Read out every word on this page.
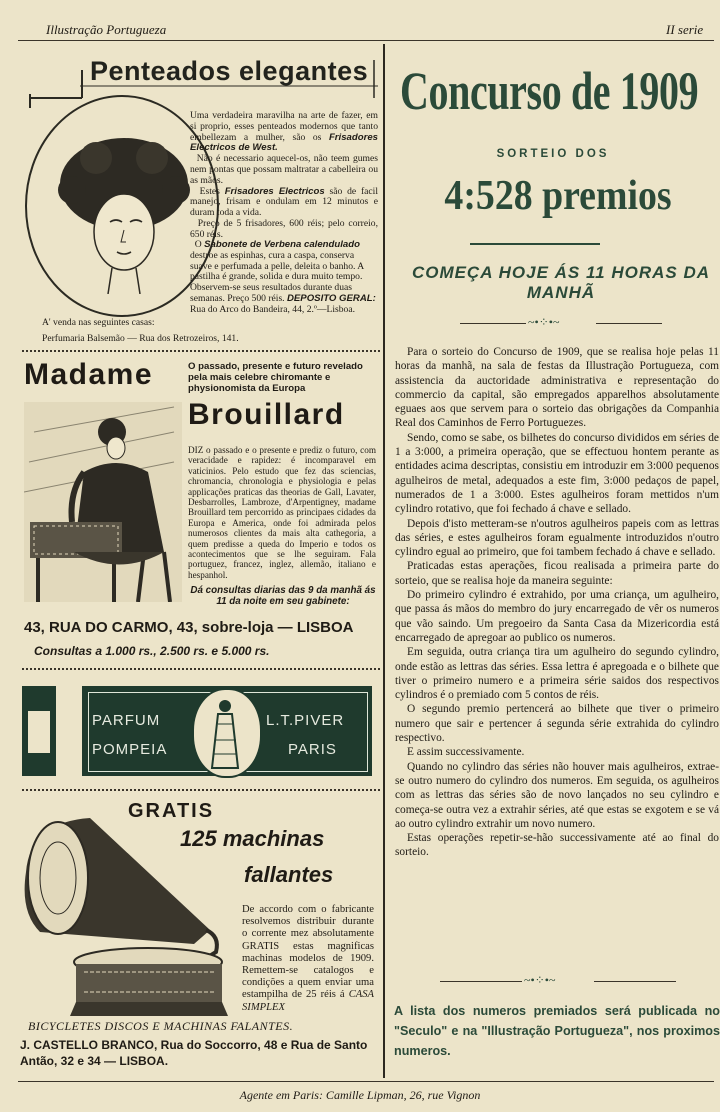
Illustração Portugueza	II serie
Penteados elegantes
Uma verdadeira maravilha na arte de fazer, em si proprio, esses penteados modernos que tanto embellezam a mulher, são os Frisadores Electricos de West.
Não é necessario aquecel-os, não teem gumes nem pontas que possam maltratar a cabelleira ou as mãos.
Estes Frisadores Electricos são de facil manejo, frisam e ondulam em 12 minutos e duram toda a vida.
Preço de 5 frisadores, 600 réis; pelo correio, 650 réis.
O Sabonete de Verbena calendulado destroe as espinhas, cura a caspa, conserva suave e perfumada a pelle, deleita o banho. A pastilha é grande, solida e dura muito tempo. Observem-se seus resultados durante duas semanas. Preço 500 réis. DEPOSITO GERAL: Rua do Arco do Bandeira, 44, 2.º—Lisboa.
A' venda nas seguintes casas:
Perfumaria Balsemão — Rua dos Retrozeiros, 141.
Madame	O passado, presente e futuro revelado pela mais celebre chiromante e physionomista da Europa
Brouillard
DIZ o passado e o presente e prediz o futuro, com veracidade e rapidez: é incomparavel em vaticinios. Pelo estudo que fez das sciencias, chromancia, chronologia e physiologia e pelas applicações praticas das theorias de Gall, Lavater, Desbarrolles, Lambroze, d'Arpentigney, madame Brouillard tem percorrido as principaes cidades da Europa e America, onde foi admirada pelos numerosos clientes da mais alta cathegoria, a quem predisse a queda do Imperio e todos os acontecimentos que se lhe seguiram. Fala portuguez, francez, inglez, allemão, italiano e hespanhol.
Dá consultas diarias das 9 da manhã ás 11 da noite em seu gabinete:
43, RUA DO CARMO, 43, sobre-loja — LISBOA
Consultas a 1.000 rs., 2.500 rs. e 5.000 rs.
PARFUM
POMPEIA
L.T.PIVER
PARIS
GRATIS
125 machinas
fallantes
De accordo com o fabricante resolvemos distribuir durante o corrente mez absolutamente GRATIS estas magnificas machinas modelos de 1909. Remettem-se catalogos e condições a quem enviar uma estampilha de 25 réis á CASA SIMPLEX
BICYCLETES DISCOS E MACHINAS FALANTES.
J. CASTELLO BRANCO, Rua do Soccorro, 48 e Rua de Santo Antão, 32 e 34 — LISBOA.
Concurso de 1909
SORTEIO DOS
4:528 premios
COMEÇA HOJE ÁS 11 HORAS DA MANHÃ
~•⁘•~

Para o sorteio do Concurso de 1909, que se realisa hoje pelas 11 horas da manhã, na sala de festas da Illustração Portugueza, com assistencia da auctoridade administrativa e representação do commercio da capital, são empregados apparelhos absolutamente eguaes aos que servem para o sorteio das obrigações da Companhia Real dos Caminhos de Ferro Portuguezes.

Sendo, como se sabe, os bilhetes do concurso divididos em séries de 1 a 3:000, a primeira operação, que se effectuou hontem perante as entidades acima descriptas, consistiu em introduzir em 3:000 pequenos agulheiros de metal, adequados a este fim, 3:000 pedaços de papel, numerados de 1 a 3:000. Estes agulheiros foram mettidos n'um cylindro rotativo, que foi fechado á chave e sellado.

Depois d'isto metteram-se n'outros agulheiros papeis com as lettras das séries, e estes agulheiros foram egualmente introduzidos n'outro cylindro egual ao primeiro, que foi tambem fechado á chave e sellado.

Praticadas estas aperações, ficou realisada a primeira parte do sorteio, que se realisa hoje da maneira seguinte:

Do primeiro cylindro é extrahido, por uma criança, um agulheiro, que passa ás mãos do membro do jury encarregado de vêr os numeros que vão saindo. Um pregoeiro da Santa Casa da Mizericordia está encarregado de apregoar ao publico os numeros.

Em seguida, outra criança tira um agulheiro do segundo cylindro, onde estão as lettras das séries. Essa lettra é apregoada e o bilhete que tiver o primeiro numero e a primeira série saidos dos respectivos cylindros é o premiado com 5 contos de réis.

O segundo premio pertencerá ao bilhete que tiver o primeiro numero que sair e pertencer á segunda série extrahida do cylindro respectivo.

E assim successivamente.

Quando no cylindro das séries não houver mais agulheiros, extrae-se outro numero do cylindro dos numeros. Em seguida, os agulheiros com as lettras das séries são de novo lançados no seu cylindro e começa-se outra vez a extrahir séries, até que estas se exgotem e se vá ao outro cylindro extrahir um novo numero.

Estas operações repetir-se-hão successivamente até ao final do sorteio.

~•⁘•~
A lista dos numeros premiados será publicada no "Seculo" e na "Illustração Portugueza", nos proximos numeros.
Agente em Paris: Camille Lipman, 26, rue Vignon
